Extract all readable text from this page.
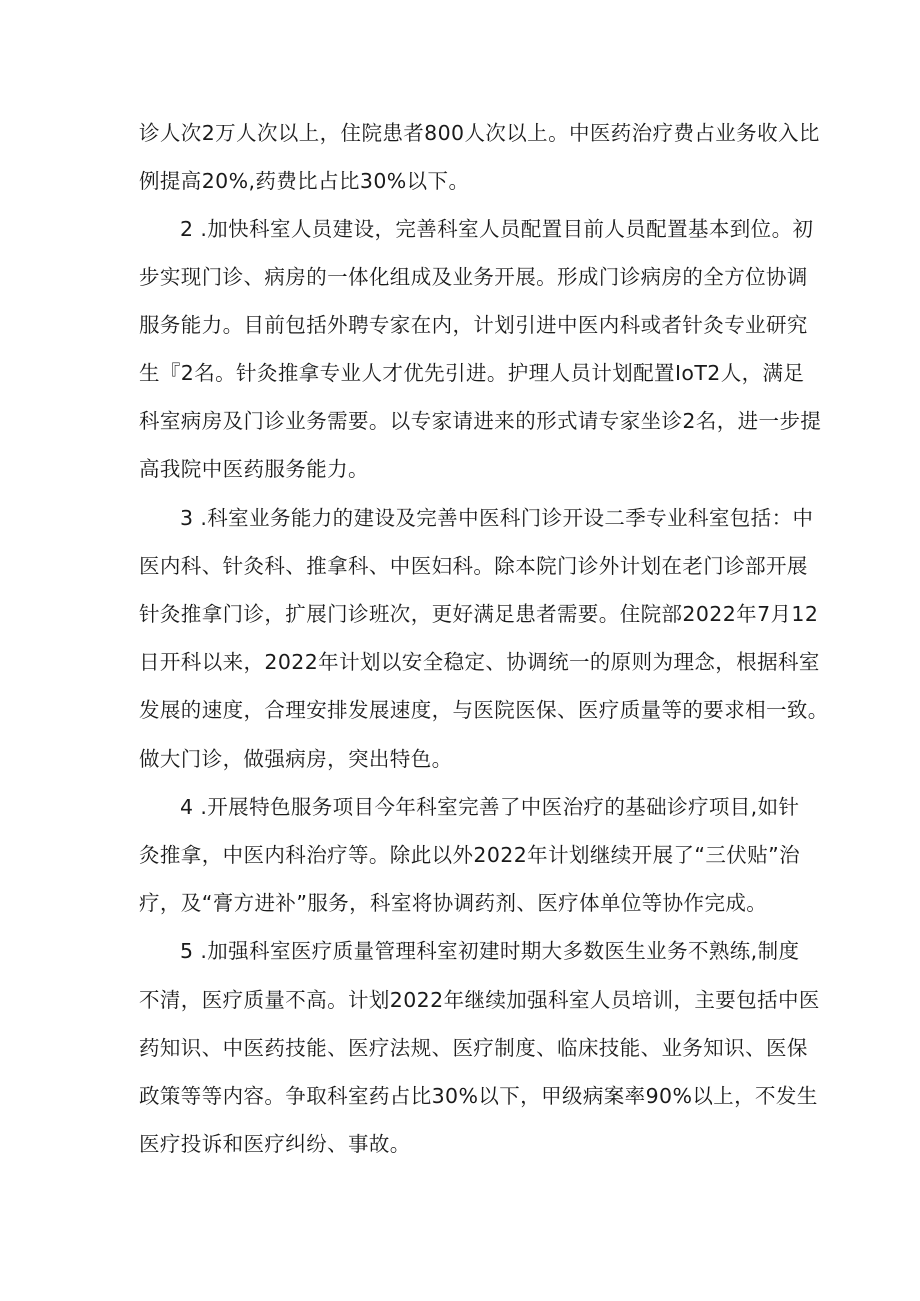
诊人次2万人次以上，住院患者800人次以上。中医药治疗费占业务收入比
例提高20%,药费比占比30%以下。
2 .加快科室人员建设，完善科室人员配置目前人员配置基本到位。初
步实现门诊、病房的一体化组成及业务开展。形成门诊病房的全方位协调
服务能力。目前包括外聘专家在内，计划引进中医内科或者针灸专业研究
生『2名。针灸推拿专业人才优先引进。护理人员计划配置IoT2人，满足
科室病房及门诊业务需要。以专家请进来的形式请专家坐诊2名，进一步提
高我院中医药服务能力。
3 .科室业务能力的建设及完善中医科门诊开设二季专业科室包括：中
医内科、针灸科、推拿科、中医妇科。除本院门诊外计划在老门诊部开展
针灸推拿门诊，扩展门诊班次，更好满足患者需要。住院部2022年7月12
日开科以来，2022年计划以安全稳定、协调统一的原则为理念，根据科室
发展的速度，合理安排发展速度，与医院医保、医疗质量等的要求相一致。
做大门诊，做强病房，突出特色。
4 .开展特色服务项目今年科室完善了中医治疗的基础诊疗项目,如针
灸推拿，中医内科治疗等。除此以外2022年计划继续开展了“三伏贴”治
疗，及“膏方进补”服务，科室将协调药剂、医疗体单位等协作完成。
5 .加强科室医疗质量管理科室初建时期大多数医生业务不熟练,制度
不清，医疗质量不高。计划2022年继续加强科室人员培训，主要包括中医
药知识、中医药技能、医疗法规、医疗制度、临床技能、业务知识、医保
政策等等内容。争取科室药占比30%以下，甲级病案率90%以上，不发生
医疗投诉和医疗纠纷、事故。
